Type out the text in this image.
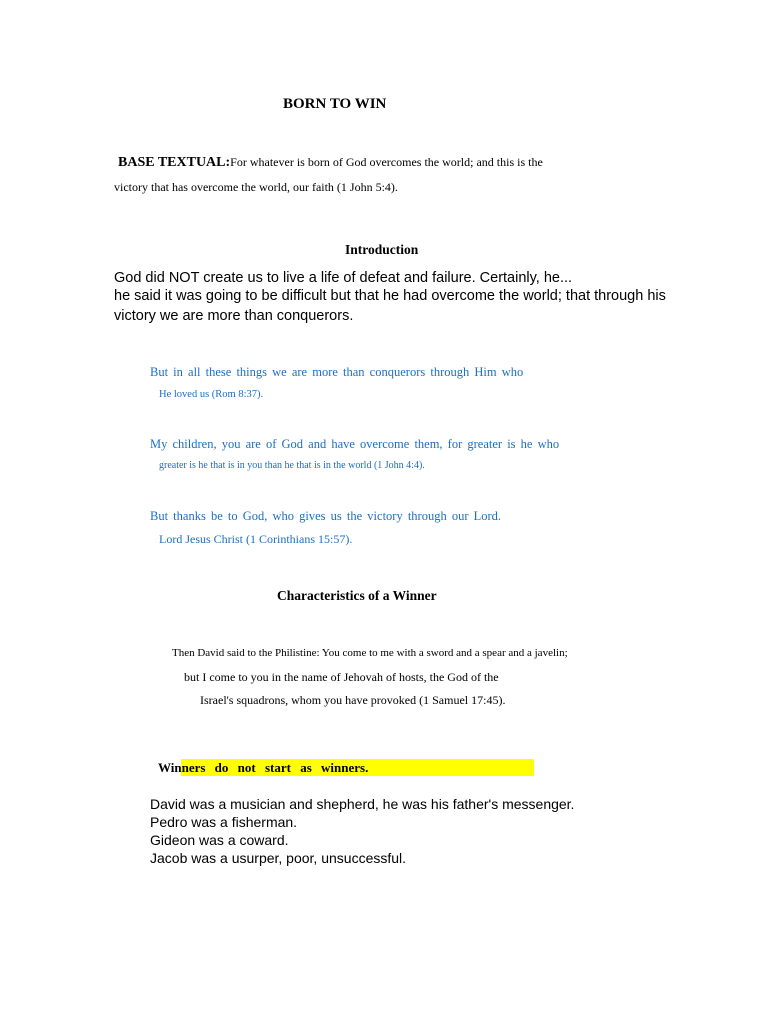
BORN TO WIN
BASE TEXTUAL:For whatever is born of God overcomes the world; and this is the
victory that has overcome the world, our faith (1 John 5:4).
Introduction
God did NOT create us to live a life of defeat and failure. Certainly, he...
he said it was going to be difficult but that he had overcome the world; that through his
victory we are more than conquerors.
But in all these things we are more than conquerors through Him who
He loved us (Rom 8:37).
My children, you are of God and have overcome them, for greater is he who
greater is he that is in you than he that is in the world (1 John 4:4).
But thanks be to God, who gives us the victory through our Lord.
Lord Jesus Christ (1 Corinthians 15:57).
Characteristics of a Winner
Then David said to the Philistine: You come to me with a sword and a spear and a javelin;
but I come to you in the name of Jehovah of hosts, the God of the
Israel's squadrons, whom you have provoked (1 Samuel 17:45).
Winners do not start as winners.
David was a musician and shepherd, he was his father's messenger.
Pedro was a fisherman.
Gideon was a coward.
Jacob was a usurper, poor, unsuccessful.
